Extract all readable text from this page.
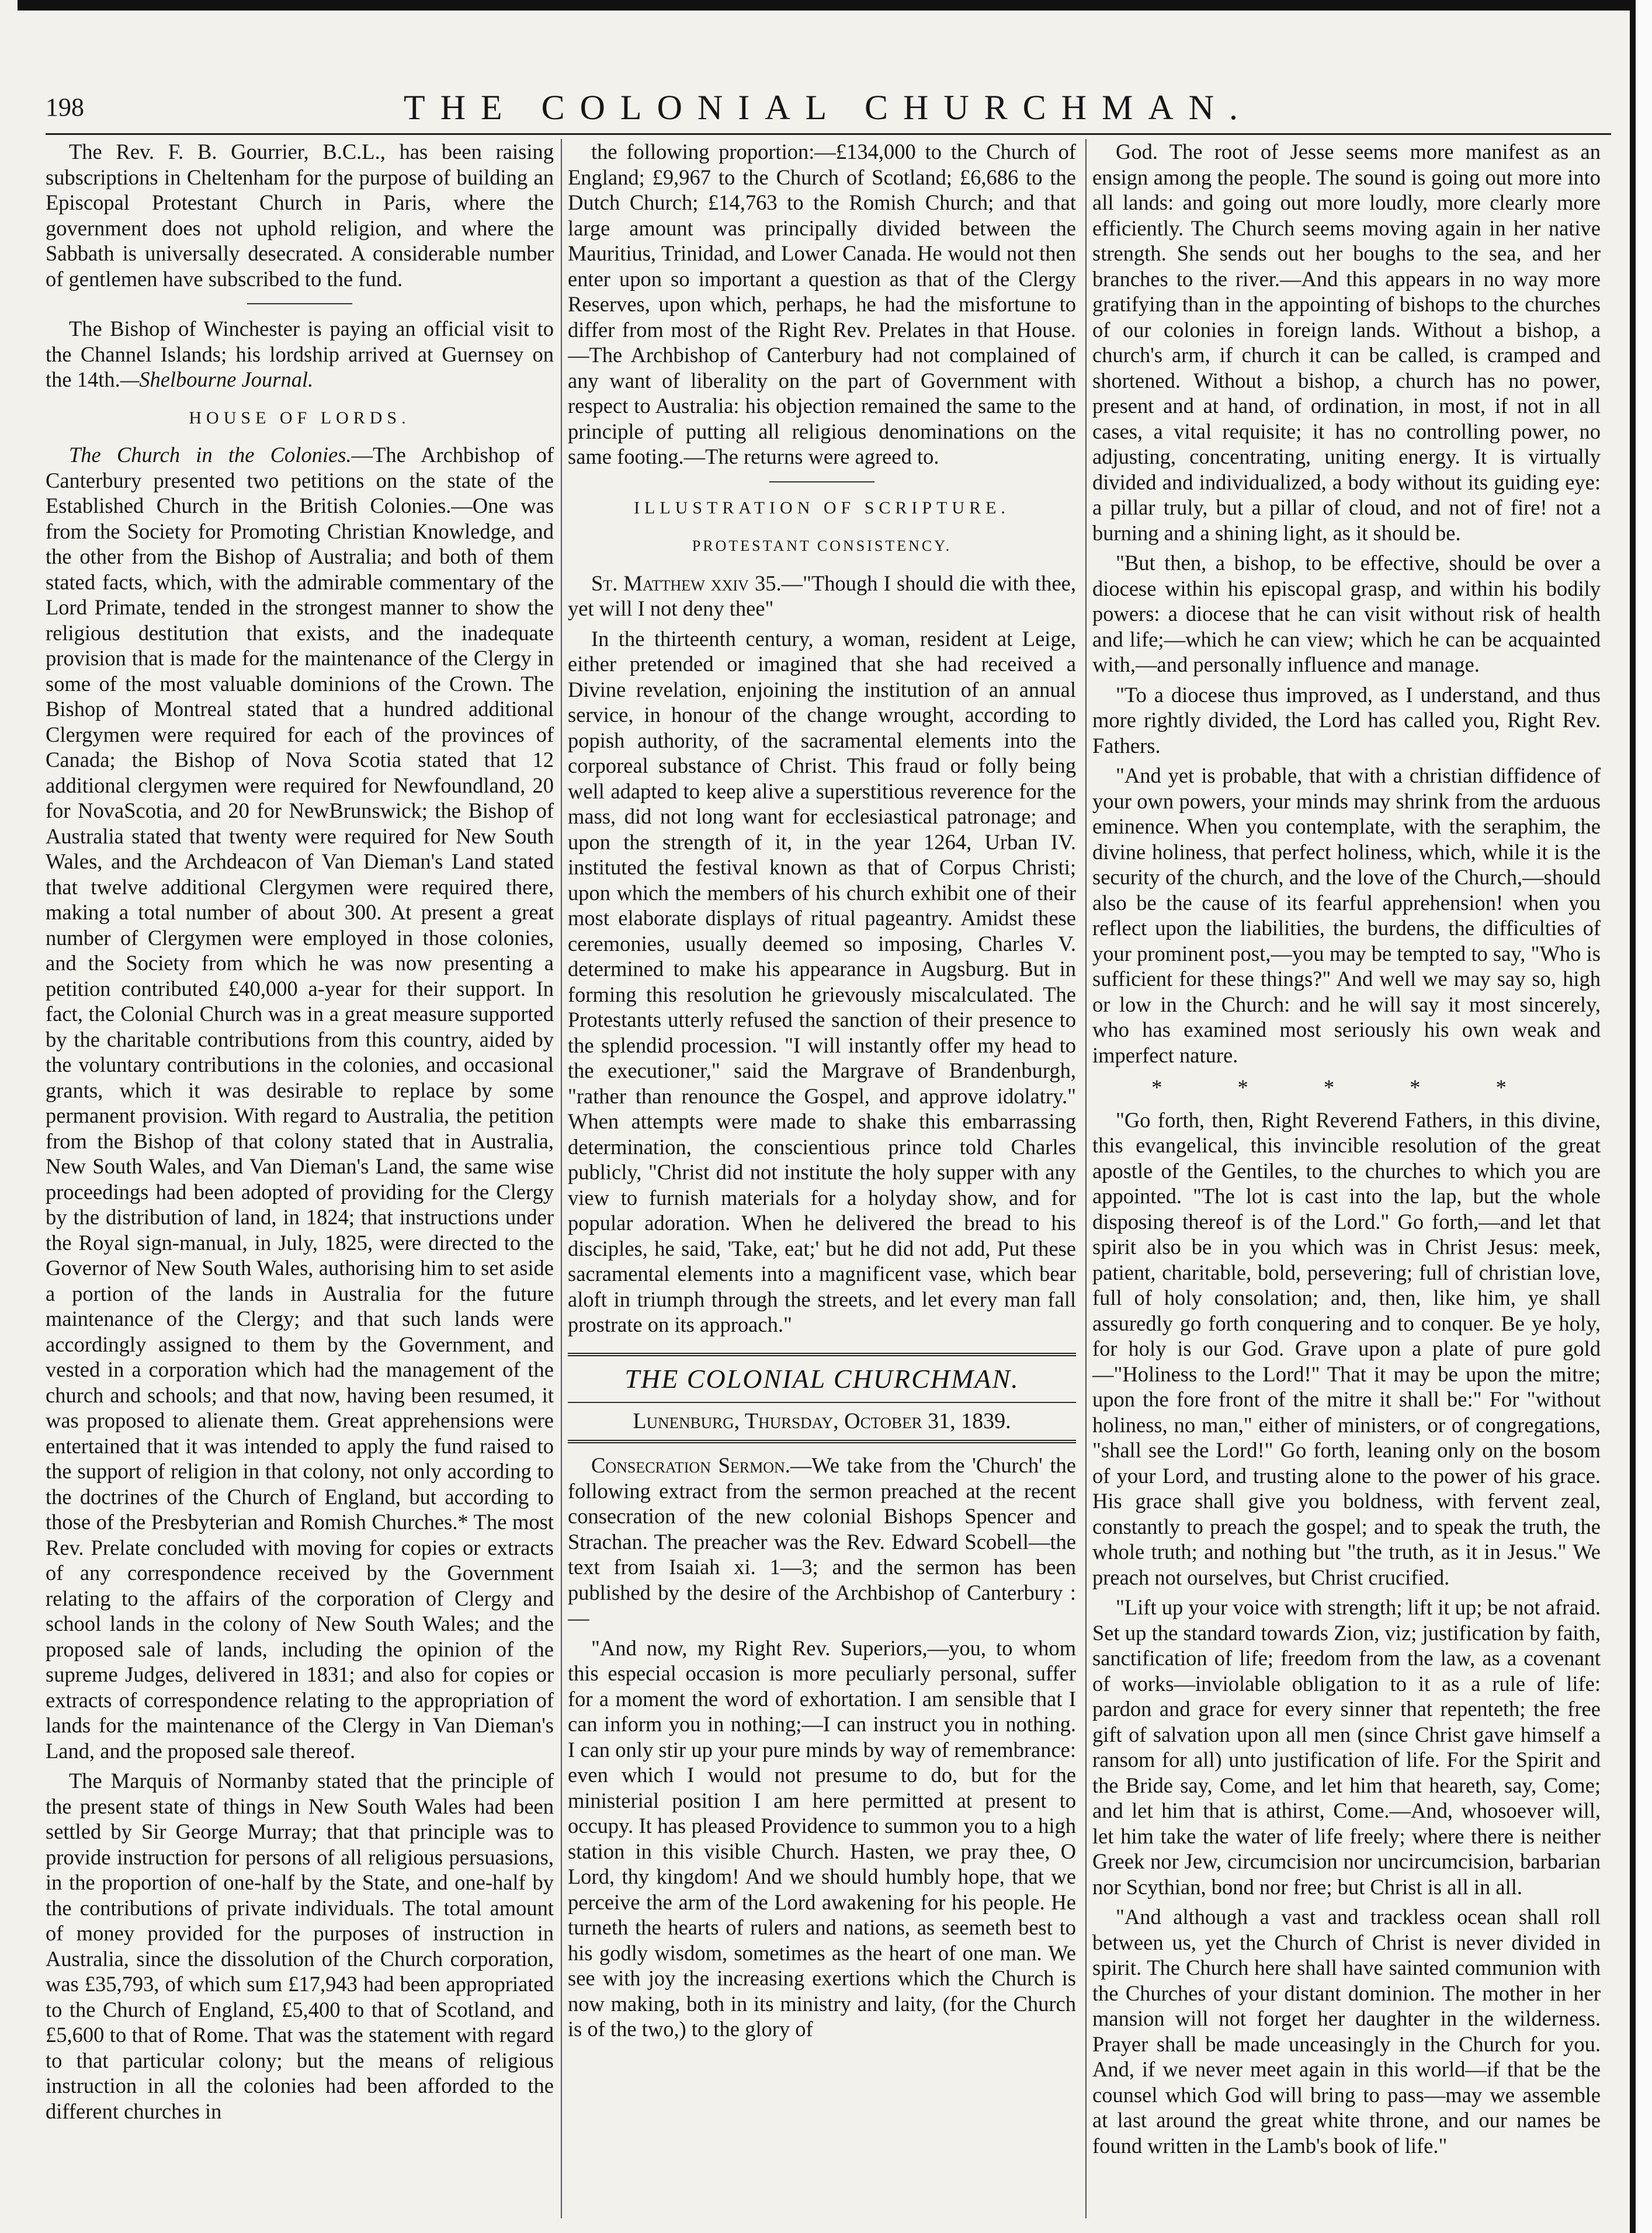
THE COLONIAL CHURCHMAN.
198

The Rev. F. B. Gourrier, B.C.L., has been raising subscriptions in Cheltenham for the purpose of building an Episcopal Protestant Church in Paris, where the government does not uphold religion, and where the Sabbath is universally desecrated. A considerable number of gentlemen have subscribed to the fund.

The Bishop of Winchester is paying an official visit to the Channel Islands; his lordship arrived at Guernsey on the 14th.—Shelbourne Journal.

HOUSE OF LORDS.

The Church in the Colonies.—The Archbishop of Canterbury presented two petitions on the state of the Established Church in the British Colonies.—One was from the Society for Promoting Christian Knowledge, and the other from the Bishop of Australia; and both of them stated facts, which, with the admirable commentary of the Lord Primate, tended in the strongest manner to show the religious destitution that exists, and the inadequate provision that is made for the maintenance of the Clergy in some of the most valuable dominions of the Crown. The Bishop of Montreal stated that a hundred additional Clergymen were required for each of the provinces of Canada; the Bishop of Nova Scotia stated that 12 additional clergymen were required for Newfoundland, 20 for NovaScotia, and 20 for NewBrunswick; the Bishop of Australia stated that twenty were required for New South Wales, and the Archdeacon of Van Dieman's Land stated that twelve additional Clergymen were required there, making a total number of about 300. At present a great number of Clergymen were employed in those colonies, and the Society from which he was now presenting a petition contributed £40,000 a-year for their support. In fact, the Colonial Church was in a great measure supported by the charitable contributions from this country, aided by the voluntary contributions in the colonies, and occasional grants, which it was desirable to replace by some permanent provision. With regard to Australia, the petition from the Bishop of that colony stated that in Australia, New South Wales, and Van Dieman's Land, the same wise proceedings had been adopted of providing for the Clergy by the distribution of land, in 1824; that instructions under the Royal sign-manual, in July, 1825, were directed to the Governor of New South Wales, authorising him to set aside a portion of the lands in Australia for the future maintenance of the Clergy; and that such lands were accordingly assigned to them by the Government, and vested in a corporation which had the management of the church and schools; and that now, having been resumed, it was proposed to alienate them. Great apprehensions were entertained that it was intended to apply the fund raised to the support of religion in that colony, not only according to the doctrines of the Church of England, but according to those of the Presbyterian and Romish Churches.* The most Rev. Prelate concluded with moving for copies or extracts of any correspondence received by the Government relating to the affairs of the corporation of Clergy and school lands in the colony of New South Wales; and the proposed sale of lands, including the opinion of the supreme Judges, delivered in 1831; and also for copies or extracts of correspondence relating to the appropriation of lands for the maintenance of the Clergy in Van Dieman's Land, and the proposed sale thereof.

The Marquis of Normanby stated that the principle of the present state of things in New South Wales had been settled by Sir George Murray; that that principle was to provide instruction for persons of all religious persuasions, in the proportion of one-half by the State, and one-half by the contributions of private individuals. The total amount of money provided for the purposes of instruction in Australia, since the dissolution of the Church corporation, was £35,793, of which sum £17,943 had been appropriated to the Church of England, £5,400 to that of Scotland, and £5,600 to that of Rome. That was the statement with regard to that particular colony; but the means of religious instruction in all the colonies had been afforded to the different churches in

the following proportion:—£134,000 to the Church of England; £9,967 to the Church of Scotland; £6,686 to the Dutch Church; £14,763 to the Romish Church; and that large amount was principally divided between the Mauritius, Trinidad, and Lower Canada. He would not then enter upon so important a question as that of the Clergy Reserves, upon which, perhaps, he had the misfortune to differ from most of the Right Rev. Prelates in that House.—The Archbishop of Canterbury had not complained of any want of liberality on the part of Government with respect to Australia: his objection remained the same to the principle of putting all religious denominations on the same footing.—The returns were agreed to.

ILLUSTRATION OF SCRIPTURE.
PROTESTANT CONSISTENCY.

St. Matthew xxiv 35.—"Though I should die with thee, yet will I not deny thee"

In the thirteenth century, a woman, resident at Leige, either pretended or imagined that she had received a Divine revelation, enjoining the institution of an annual service, in honour of the change wrought, according to popish authority, of the sacramental elements into the corporeal substance of Christ. This fraud or folly being well adapted to keep alive a superstitious reverence for the mass, did not long want for ecclesiastical patronage; and upon the strength of it, in the year 1264, Urban IV. instituted the festival known as that of Corpus Christi; upon which the members of his church exhibit one of their most elaborate displays of ritual pageantry. Amidst these ceremonies, usually deemed so imposing, Charles V. determined to make his appearance in Augsburg. But in forming this resolution he grievously miscalculated. The Protestants utterly refused the sanction of their presence to the splendid procession. "I will instantly offer my head to the executioner," said the Margrave of Brandenburgh, "rather than renounce the Gospel, and approve idolatry." When attempts were made to shake this embarrassing determination, the conscientious prince told Charles publicly, "Christ did not institute the holy supper with any view to furnish materials for a holyday show, and for popular adoration. When he delivered the bread to his disciples, he said, 'Take, eat;' but he did not add, Put these sacramental elements into a magnificent vase, which bear aloft in triumph through the streets, and let every man fall prostrate on its approach."

THE COLONIAL CHURCHMAN.
Lunenburg, Thursday, October 31, 1839.

Consecration Sermon.—We take from the 'Church' the following extract from the sermon preached at the recent consecration of the new colonial Bishops Spencer and Strachan. The preacher was the Rev. Edward Scobell—the text from Isaiah xi. 1—3; and the sermon has been published by the desire of the Archbishop of Canterbury :—

"And now, my Right Rev. Superiors,—you, to whom this especial occasion is more peculiarly personal, suffer for a moment the word of exhortation. I am sensible that I can inform you in nothing;—I can instruct you in nothing. I can only stir up your pure minds by way of remembrance: even which I would not presume to do, but for the ministerial position I am here permitted at present to occupy. It has pleased Providence to summon you to a high station in this visible Church. Hasten, we pray thee, O Lord, thy kingdom! And we should humbly hope, that we perceive the arm of the Lord awakening for his people. He turneth the hearts of rulers and nations, as seemeth best to his godly wisdom, sometimes as the heart of one man. We see with joy the increasing exertions which the Church is now making, both in its ministry and laity, (for the Church is of the two,) to the glory of

God. The root of Jesse seems more manifest as an ensign among the people. The sound is going out more into all lands: and going out more loudly, more clearly more efficiently. The Church seems moving again in her native strength. She sends out her boughs to the sea, and her branches to the river.—And this appears in no way more gratifying than in the appointing of bishops to the churches of our colonies in foreign lands. Without a bishop, a church's arm, if church it can be called, is cramped and shortened. Without a bishop, a church has no power, present and at hand, of ordination, in most, if not in all cases, a vital requisite; it has no controlling power, no adjusting, concentrating, uniting energy. It is virtually divided and individualized, a body without its guiding eye: a pillar truly, but a pillar of cloud, and not of fire! not a burning and a shining light, as it should be.

"But then, a bishop, to be effective, should be over a diocese within his episcopal grasp, and within his bodily powers: a diocese that he can visit without risk of health and life;—which he can view; which he can be acquainted with,—and personally influence and manage.

"To a diocese thus improved, as I understand, and thus more rightly divided, the Lord has called you, Right Rev. Fathers.

"And yet is probable, that with a christian diffidence of your own powers, your minds may shrink from the arduous eminence. When you contemplate, with the seraphim, the divine holiness, that perfect holiness, which, while it is the security of the church, and the love of the Church,—should also be the cause of its fearful apprehension! when you reflect upon the liabilities, the burdens, the difficulties of your prominent post,—you may be tempted to say, "Who is sufficient for these things?" And well we may say so, high or low in the Church: and he will say it most sincerely, who has examined most seriously his own weak and imperfect nature.

* * * * *

"Go forth, then, Right Reverend Fathers, in this divine, this evangelical, this invincible resolution of the great apostle of the Gentiles, to the churches to which you are appointed. "The lot is cast into the lap, but the whole disposing thereof is of the Lord." Go forth,—and let that spirit also be in you which was in Christ Jesus: meek, patient, charitable, bold, persevering; full of christian love, full of holy consolation; and, then, like him, ye shall assuredly go forth conquering and to conquer. Be ye holy, for holy is our God. Grave upon a plate of pure gold—"Holiness to the Lord!" That it may be upon the mitre; upon the fore front of the mitre it shall be:" For "without holiness, no man," either of ministers, or of congregations, "shall see the Lord!" Go forth, leaning only on the bosom of your Lord, and trusting alone to the power of his grace. His grace shall give you boldness, with fervent zeal, constantly to preach the gospel; and to speak the truth, the whole truth; and nothing but "the truth, as it in Jesus." We preach not ourselves, but Christ crucified.

"Lift up your voice with strength; lift it up; be not afraid. Set up the standard towards Zion, viz; justification by faith, sanctification of life; freedom from the law, as a covenant of works—inviolable obligation to it as a rule of life: pardon and grace for every sinner that repenteth; the free gift of salvation upon all men (since Christ gave himself a ransom for all) unto justification of life. For the Spirit and the Bride say, Come, and let him that heareth, say, Come; and let him that is athirst, Come.—And, whosoever will, let him take the water of life freely; where there is neither Greek nor Jew, circumcision nor uncircumcision, barbarian nor Scythian, bond nor free; but Christ is all in all.

"And although a vast and trackless ocean shall roll between us, yet the Church of Christ is never divided in spirit. The Church here shall have sainted communion with the Churches of your distant dominion. The mother in her mansion will not forget her daughter in the wilderness. Prayer shall be made unceasingly in the Church for you. And, if we never meet again in this world—if that be the counsel which God will bring to pass—may we assemble at last around the great white throne, and our names be found written in the Lamb's book of life."
